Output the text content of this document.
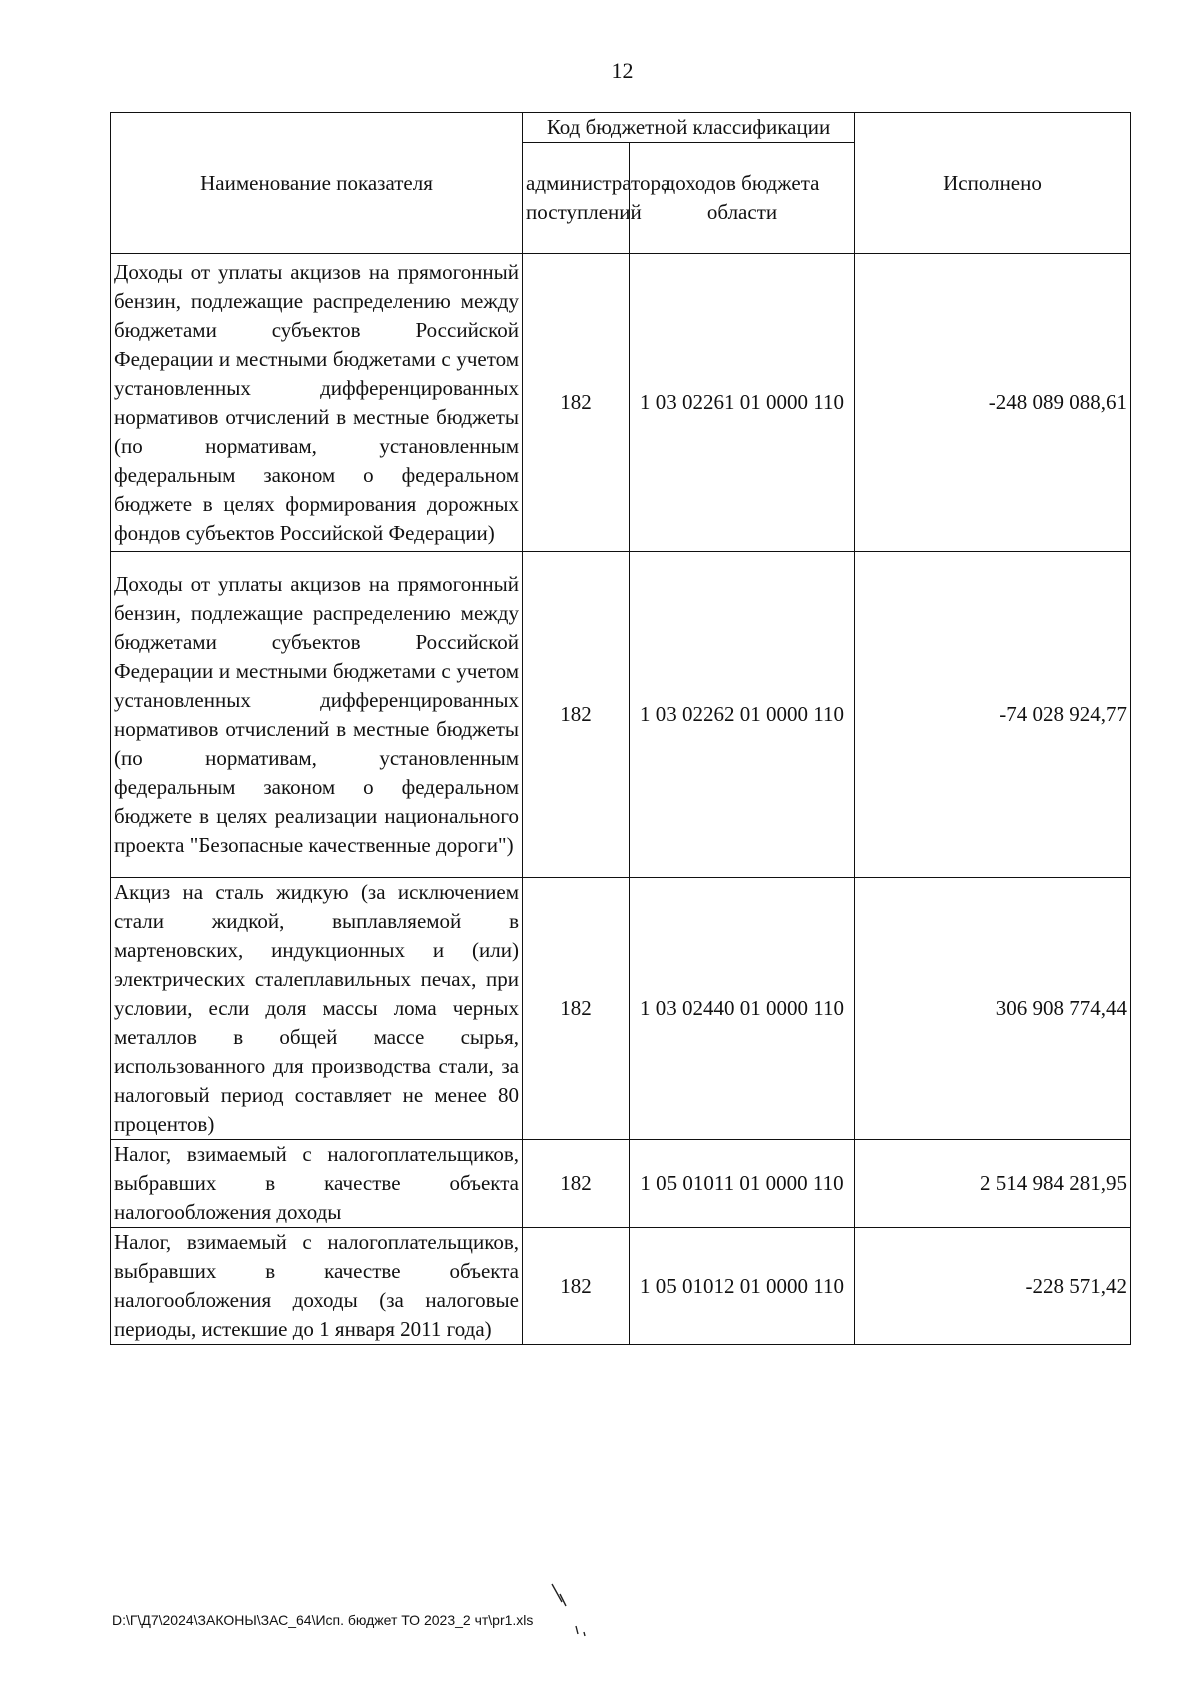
12
Наименование показателя	Код бюджетной классификации		Исполнено
	администратора поступлений	доходов бюджета области	
Доходы от уплаты акцизов на прямогонный бензин, подлежащие распределению между бюджетами субъектов Российской Федерации и местными бюджетами с учетом установленных дифференцированных нормативов отчислений в местные бюджеты (по нормативам, установленным федеральным законом о федеральном бюджете в целях формирования дорожных фондов субъектов Российской Федерации)	182	1 03 02261 01 0000 110	-248 089 088,61
Доходы от уплаты акцизов на прямогонный бензин, подлежащие распределению между бюджетами субъектов Российской Федерации и местными бюджетами с учетом установленных дифференцированных нормативов отчислений в местные бюджеты (по нормативам, установленным федеральным законом о федеральном бюджете в целях реализации национального проекта "Безопасные качественные дороги")	182	1 03 02262 01 0000 110	-74 028 924,77
Акциз на сталь жидкую (за исключением стали жидкой, выплавляемой в мартеновских, индукционных и (или) электрических сталеплавильных печах, при условии, если доля массы лома черных металлов в общей массе сырья, использованного для производства стали, за налоговый период составляет не менее 80 процентов)	182	1 03 02440 01 0000 110	306 908 774,44
Налог, взимаемый с налогоплательщиков, выбравших в качестве объекта налогообложения доходы	182	1 05 01011 01 0000 110	2 514 984 281,95
Налог, взимаемый с налогоплательщиков, выбравших в качестве объекта налогообложения доходы (за налоговые периоды, истекшие до 1 января 2011 года)	182	1 05 01012 01 0000 110	-228 571,42
D:\Г\Д7\2024\ЗАКОНЫ\ЗАС_64\Исп. бюджет ТО 2023_2 чт\pr1.xls
